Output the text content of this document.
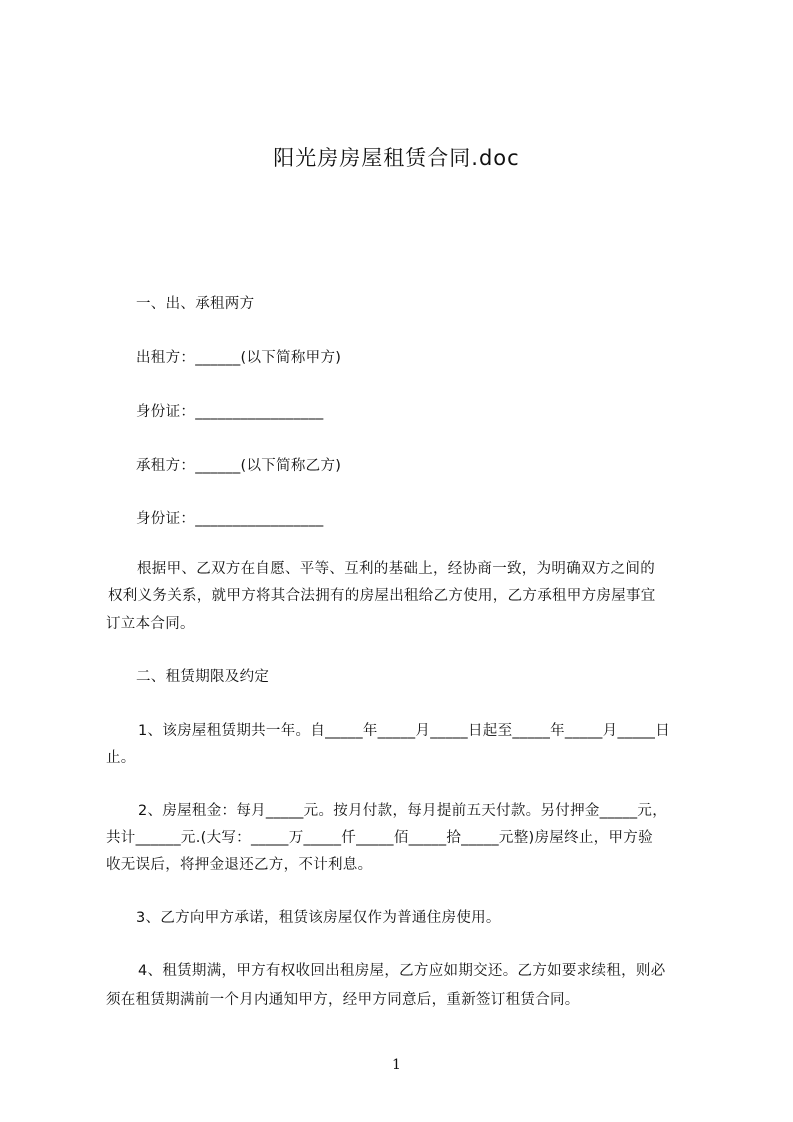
阳光房房屋租赁合同.doc
一、出、承租两方
出租方：______(以下简称甲方)
身份证：_________________
承租方：______(以下简称乙方)
身份证：_________________
根据甲、乙双方在自愿、平等、互利的基础上，经协商一致，为明确双方之间的
权利义务关系，就甲方将其合法拥有的房屋出租给乙方使用，乙方承租甲方房屋事宜
订立本合同。
二、租赁期限及约定
1、该房屋租赁期共一年。自_____年_____月_____日起至_____年_____月_____日
止。
2、房屋租金：每月_____元。按月付款，每月提前五天付款。另付押金_____元，
共计______元.(大写：_____万_____仟_____佰_____拾_____元整)房屋终止，甲方验
收无误后，将押金退还乙方，不计利息。
3、乙方向甲方承诺，租赁该房屋仅作为普通住房使用。
4、租赁期满，甲方有权收回出租房屋，乙方应如期交还。乙方如要求续租，则必
须在租赁期满前一个月内通知甲方，经甲方同意后，重新签订租赁合同。
1
